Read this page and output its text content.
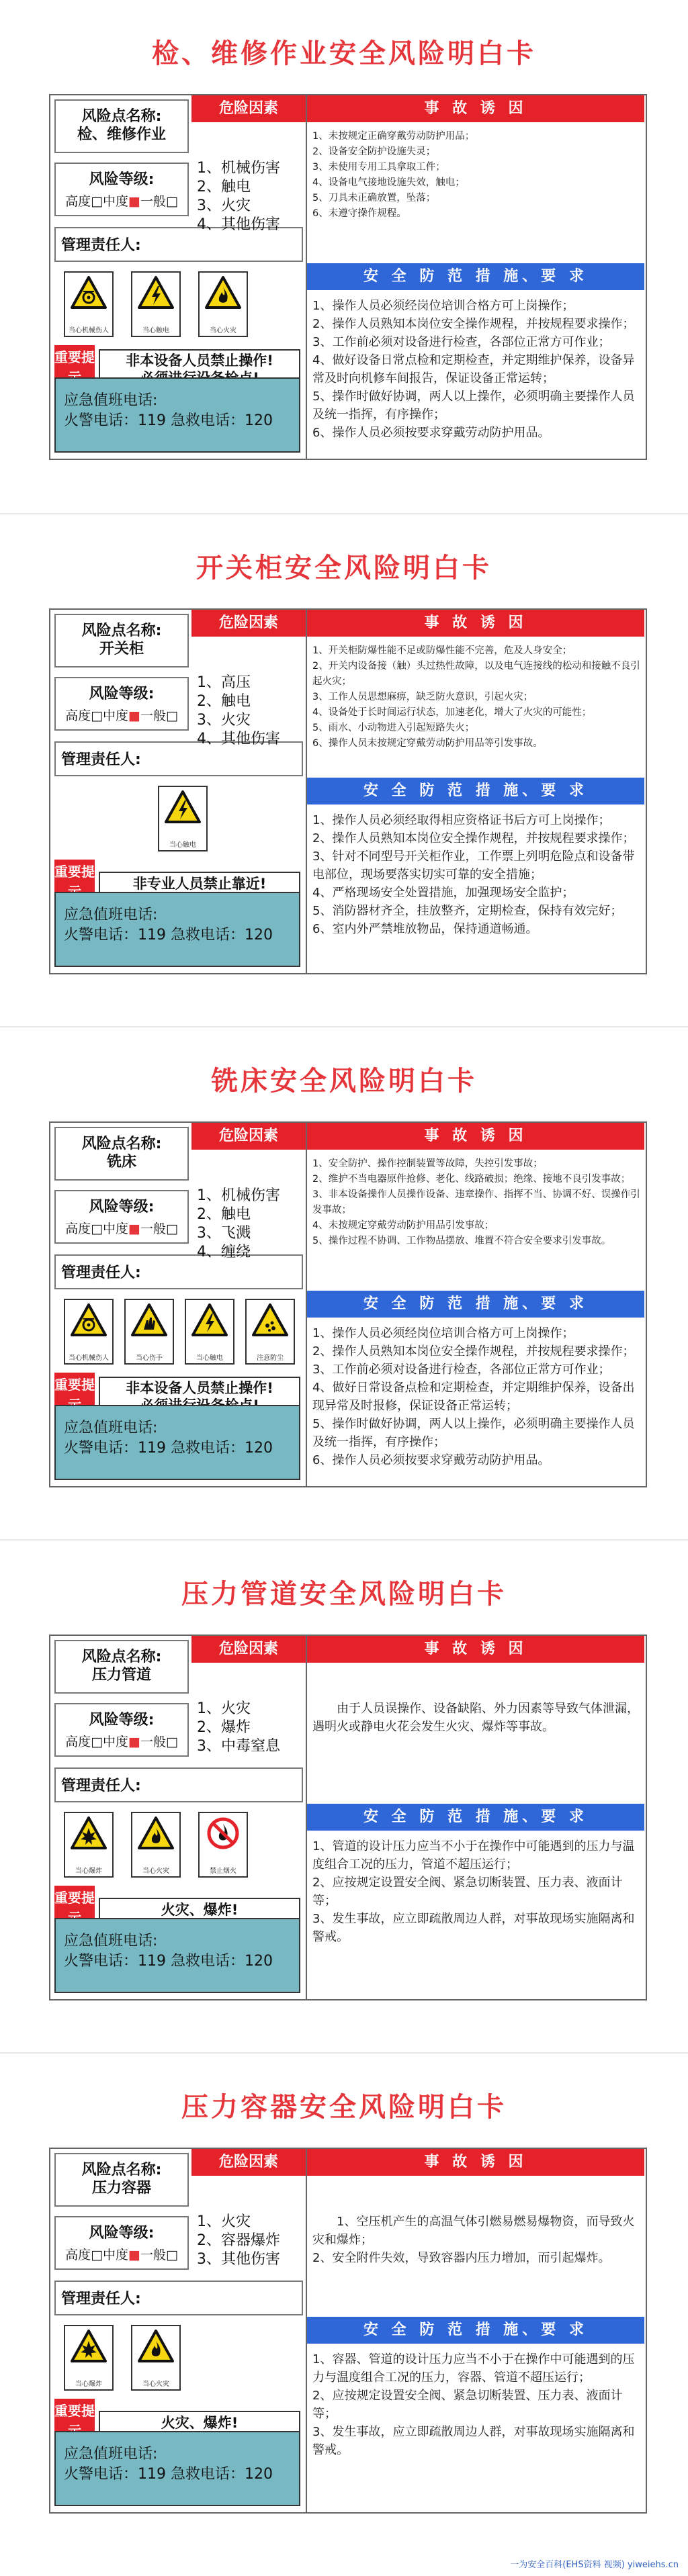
检、维修作业安全风险明白卡
风险点名称:
检、维修作业
风险等级:
高度□中度■一般□
管理责任人:
危险因素
1、机械伤害
2、触电
3、火灾
4、其他伤害
当心机械伤人	当心触电	当心火灾
重要提	非本设备人员禁止操作!
应急值班电话:
火警电话：119 急救电话：120
事 故 诱 因
1、未按规定正确穿戴劳动防护用品；
2、设备安全防护设施失灵；
3、未使用专用工具拿取工件；
4、设备电气接地设施失效，触电；
5、刀具未正确放置，坠落；
6、未遵守操作规程。
安 全 防 范 措 施、要 求
1、操作人员必须经岗位培训合格方可上岗操作；
2、操作人员熟知本岗位安全操作规程，并按规程要求操作；
3、工作前必须对设备进行检查，各部位正常方可作业；
4、做好设备日常点检和定期检查，并定期维护保养，设备异常及时向机修车间报告，保证设备正常运转；
5、操作时做好协调，两人以上操作，必须明确主要操作人员及统一指挥，有序操作；
6、操作人员必须按要求穿戴劳动防护用品。
开关柜安全风险明白卡
风险点名称:
开关柜
风险等级:
高度□中度■一般□
管理责任人:
危险因素
1、高压
2、触电
3、火灾
4、其他伤害
当心触电
重要提
非专业人员禁止靠近!
应急值班电话:
火警电话：119 急救电话：120
事 故 诱 因
1、开关柜防爆性能不足或防爆性能不完善，危及人身安全；
2、开关内设备接（触）头过热性故障，以及电气连接线的松动和接触不良引起火灾；
3、工作人员思想麻痹，缺乏防火意识，引起火灾；
4、设备处于长时间运行状态，加速老化，增大了火灾的可能性；
5、雨水、小动物进入引起短路失火；
6、操作人员未按规定穿戴劳动防护用品等引发事故。
安 全 防 范 措 施、要 求
1、操作人员必须经取得相应资格证书后方可上岗操作；
2、操作人员熟知本岗位安全操作规程，并按规程要求操作；
3、针对不同型号开关柜作业，工作票上列明危险点和设备带电部位，现场要落实切实可靠的安全措施；
4、严格现场安全处置措施，加强现场安全监护；
5、消防器材齐全，挂放整齐，定期检查，保持有效完好；
6、室内外严禁堆放物品，保持通道畅通。
铣床安全风险明白卡
风险点名称:
铣床
风险等级:
高度□中度■一般□
管理责任人:
危险因素
1、机械伤害
2、触电
3、飞溅
4、缠绕
当心机械伤人	当心伤手	当心触电	注意防尘
重要提	非本设备人员禁止操作!
应急值班电话:
火警电话：119 急救电话：120
事 故 诱 因
1、安全防护、操作控制装置等故障，失控引发事故；
2、维护不当电器原件抢修、老化、线路破损；绝缘、接地不良引发事故；
3、非本设备操作人员操作设备、违章操作、指挥不当、协调不好、误操作引发事故；
4、未按规定穿戴劳动防护用品引发事故；
5、操作过程不协调、工作物品摆放、堆置不符合安全要求引发事故。
安 全 防 范 措 施、要 求
1、操作人员必须经岗位培训合格方可上岗操作；
2、操作人员熟知本岗位安全操作规程，并按规程要求操作；
3、工作前必须对设备进行检查，各部位正常方可作业；
4、做好日常设备点检和定期检查，并定期维护保养，设备出现异常及时报修，保证设备正常运转；
5、操作时做好协调，两人以上操作，必须明确主要操作人员及统一指挥，有序操作；
6、操作人员必须按要求穿戴劳动防护用品。
压力管道安全风险明白卡
风险点名称:
压力管道
风险等级:
高度□中度■一般□
管理责任人:
危险因素
1、火灾
2、爆炸
3、中毒窒息
当心爆炸	当心火灾	禁止烟火
重要提
火灾、爆炸!
应急值班电话:
火警电话：119 急救电话：120
事 故 诱 因
由于人员误操作、设备缺陷、外力因素等导致气体泄漏，遇明火或静电火花会发生火灾、爆炸等事故。
安 全 防 范 措 施、要 求
1、管道的设计压力应当不小于在操作中可能遇到的压力与温度组合工况的压力，管道不超压运行；
2、应按规定设置安全阀、紧急切断装置、压力表、液面计等；
3、发生事故，应立即疏散周边人群，对事故现场实施隔离和警戒。
压力容器安全风险明白卡
风险点名称:
压力容器
风险等级:
高度□中度■一般□
管理责任人:
危险因素
1、火灾
2、容器爆炸
3、其他伤害
当心爆炸	当心火灾
重要提
火灾、爆炸!
应急值班电话:
火警电话：119 急救电话：120
事 故 诱 因
1、空压机产生的高温气体引燃易燃易爆物资，而导致火灾和爆炸；
2、安全附件失效，导致容器内压力增加，而引起爆炸。
安 全 防 范 措 施、要 求
1、容器、管道的设计压力应当不小于在操作中可能遇到的压力与温度组合工况的压力，容器、管道不超压运行；
2、应按规定设置安全阀、紧急切断装置、压力表、液面计等；
3、发生事故，应立即疏散周边人群，对事故现场实施隔离和警戒。
一为安全百科(EHS资料 视频) yiweiehs.cn
